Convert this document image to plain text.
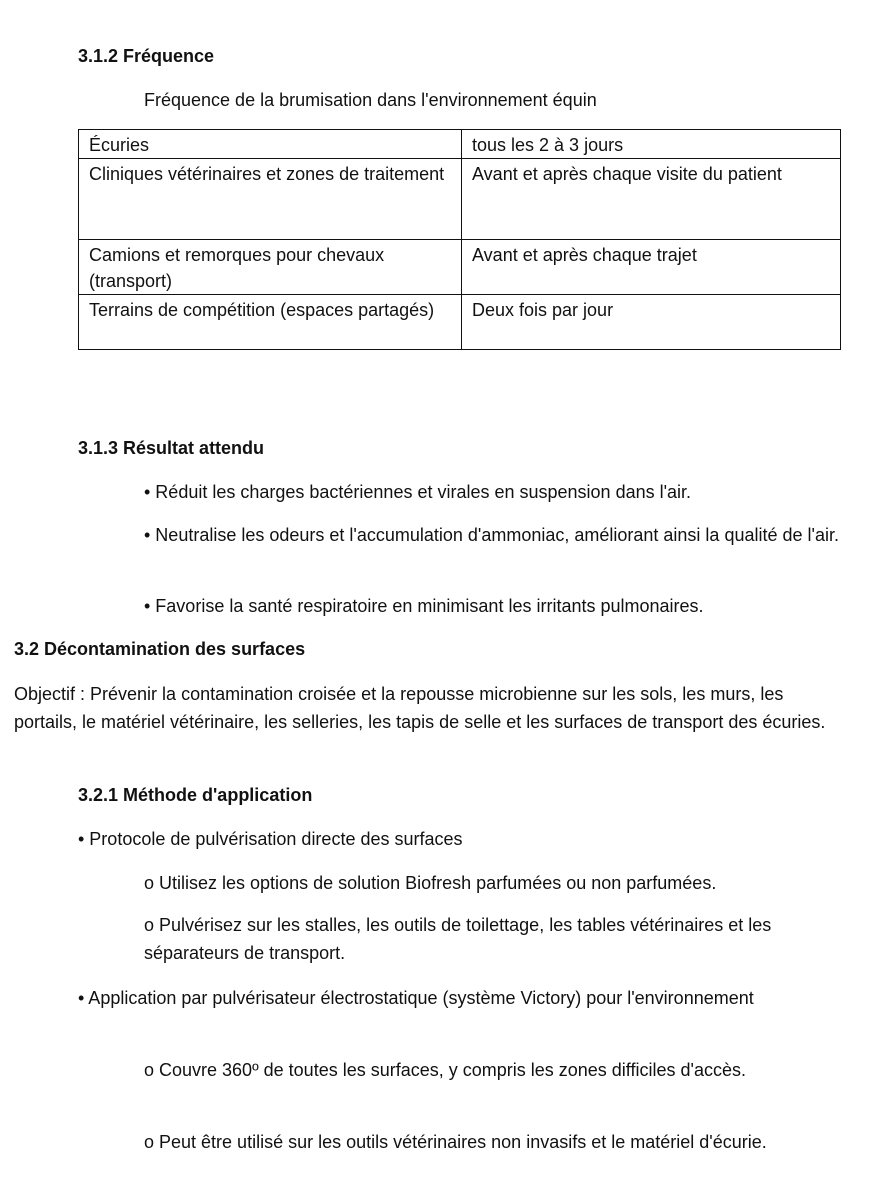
3.1.2 Fréquence
Fréquence de la brumisation dans l'environnement équin
Écuries	tous les 2 à 3 jours
Cliniques vétérinaires et zones de traitement	Avant et après chaque visite du patient
Camions et remorques pour chevaux (transport)	Avant et après chaque trajet
Terrains de compétition (espaces partagés)	Deux fois par jour
3.1.3 Résultat attendu
• Réduit les charges bactériennes et virales en suspension dans l'air.
• Neutralise les odeurs et l'accumulation d'ammoniac, améliorant ainsi la qualité de l'air.
• Favorise la santé respiratoire en minimisant les irritants pulmonaires.
3.2 Décontamination des surfaces
Objectif : Prévenir la contamination croisée et la repousse microbienne sur les sols, les murs, les portails, le matériel vétérinaire, les selleries, les tapis de selle et les surfaces de transport des écuries.
3.2.1 Méthode d'application
• Protocole de pulvérisation directe des surfaces
o Utilisez les options de solution Biofresh parfumées ou non parfumées.
o Pulvérisez sur les stalles, les outils de toilettage, les tables vétérinaires et les séparateurs de transport.
• Application par pulvérisateur électrostatique (système Victory) pour l'environnement
o Couvre 360º de toutes les surfaces, y compris les zones difficiles d'accès.
o Peut être utilisé sur les outils vétérinaires non invasifs et le matériel d'écurie.
